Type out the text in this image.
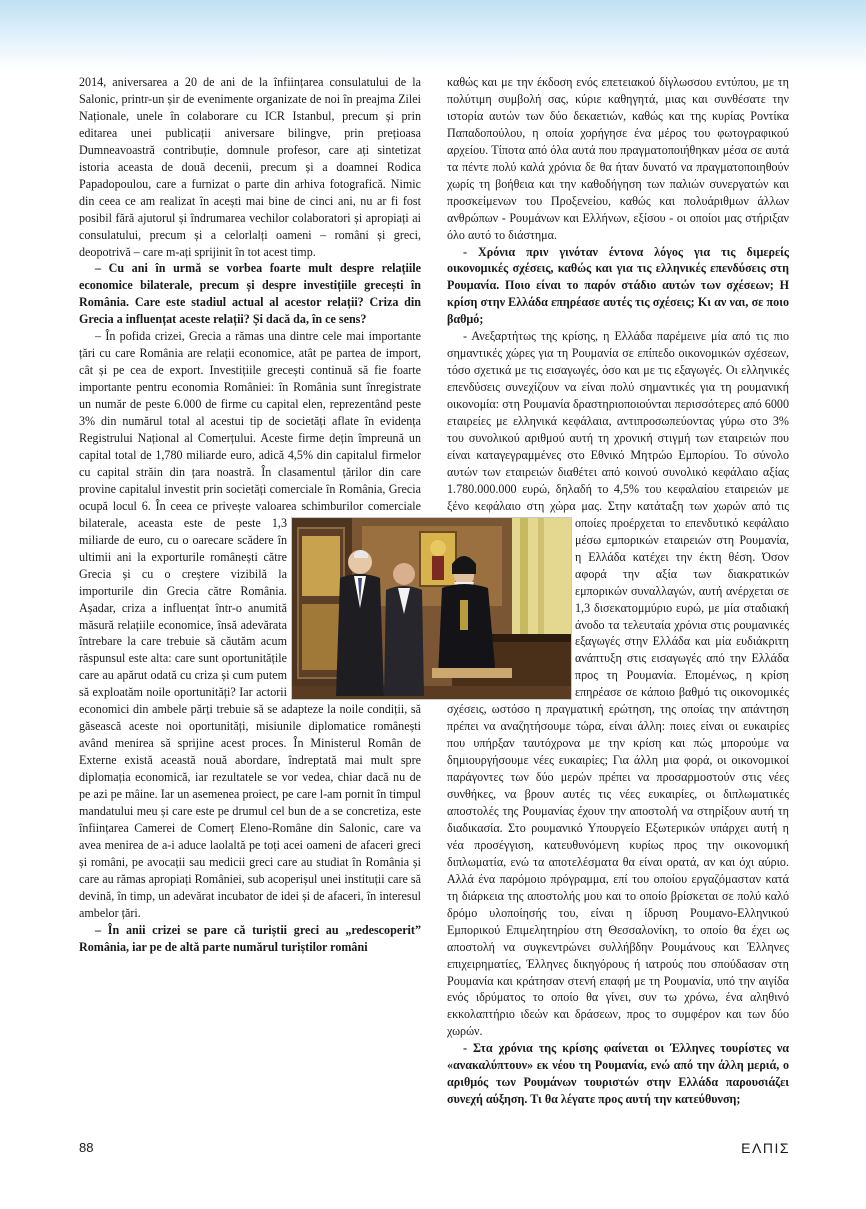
2014, aniversarea a 20 de ani de la înființarea consulatului de la Salonic, printr-un șir de evenimente organizate de noi în preajma Zilei Naționale, unele în colaborare cu ICR Istanbul, precum și prin editarea unei publicații aniversare bilingve, prin prețioasa Dumneavoastră contribuție, domnule profesor, care ați sintetizat istoria aceasta de două decenii, precum și a doamnei Rodica Papadopoulou, care a furnizat o parte din arhiva fotografică. Nimic din ceea ce am realizat în acești mai bine de cinci ani, nu ar fi fost posibil fără ajutorul și îndrumarea vechilor colaboratori și apropiați ai consulatului, precum și a celorlalți oameni – români și greci, deopotrivă – care m-ați sprijinit în tot acest timp.

– Cu ani în urmă se vorbea foarte mult despre relațiile economice bilaterale, precum și despre investițiile grecești în România. Care este stadiul actual al acestor relații? Criza din Grecia a influențat aceste relații? Și dacă da, în ce sens?

– În pofida crizei, Grecia a rămas una dintre cele mai importante țări cu care România are relații economice, atât pe partea de import, cât și pe cea de export. Investițiile grecești continuă să fie foarte importante pentru economia României: în România sunt înregistrate un număr de peste 6.000 de firme cu capital elen, reprezentând peste 3% din numărul total al acestui tip de societăți aflate în evidența Registrului Național al Comerțului. Aceste firme dețin împreună un capital total de 1,780 miliarde euro, adică 4,5% din capitalul firmelor cu capital străin din țara noastră. În clasamentul țărilor din care provine capitalul investit prin societăți comerciale în România, Grecia ocupă locul 6. În ceea ce privește valoarea schimburilor comerciale
bilaterale, aceasta este de peste 1,3 miliarde de euro, cu o oarecare scădere în ultimii ani la exporturile românești către Grecia și cu o creștere vizibilă la importurile din Grecia către România. Așadar, criza a influențat într-o anumită măsură relațiile economice, însă adevărata întrebare la care trebuie să căutăm acum răspunsul este alta: care sunt oportunitățile care au apărut odată cu criza și cum putem să exploatăm noile oportunități? Iar actorii economici din ambele părți trebuie să se adapteze la noile condiții, să găsească aceste noi oportunități, misiunile diplomatice românești având menirea să sprijine acest proces. În Ministerul Român de Externe există această nouă abordare, îndreptată mai mult spre diplomația economică, iar rezultatele se vor vedea, chiar dacă nu de pe azi pe mâine. Iar un asemenea proiect, pe care l-am pornit în timpul mandatului meu și care este pe drumul cel bun de a se concretiza, este înființarea Camerei de Comerț Eleno-Române din Salonic, care va avea menirea de a-i aduce laolaltă pe toți acei oameni de afaceri greci și români, pe avocații sau medicii greci care au studiat în România și care au rămas apropiați României, sub acoperișul unei instituții care să devină, în timp, un adevărat incubator de idei și de afaceri, în interesul ambelor țări.

– În anii crizei se pare că turiștii greci au „redescoperit” România, iar pe de altă parte numărul turiștilor români

καθώς και με την έκδοση ενός επετειακού δίγλωσσου εντύπου, με τη πολύτιμη συμβολή σας, κύριε καθηγητά, μιας και συνθέσατε την ιστορία αυτών των δύο δεκαετιών, καθώς και της κυρίας Ροντίκα Παπαδοπούλου, η οποία χορήγησε ένα μέρος του φωτογραφικού αρχείου. Τίποτα από όλα αυτά που πραγματοποιήθηκαν μέσα σε αυτά τα πέντε πολύ καλά χρόνια δε θα ήταν δυνατό να πραγματοποιηθούν χωρίς τη βοήθεια και την καθοδήγηση των παλιών συνεργατών και προσκείμενων του Προξενείου, καθώς και πολυάριθμων άλλων ανθρώπων - Ρουμάνων και Ελλήνων, εξίσου - οι οποίοι μας στήριξαν όλο αυτό το διάστημα.

- Χρόνια πριν γινόταν έντονα λόγος για τις διμερείς οικονομικές σχέσεις, καθώς και για τις ελληνικές επενδύσεις στη Ρουμανία. Ποιο είναι το παρόν στάδιο αυτών των σχέσεων; Η κρίση στην Ελλάδα επηρέασε αυτές τις σχέσεις; Κι αν ναι, σε ποιο βαθμό;

- Ανεξαρτήτως της κρίσης, η Ελλάδα παρέμεινε μία από τις πιο σημαντικές χώρες για τη Ρουμανία σε επίπεδο οικονομικών σχέσεων, τόσο σχετικά με τις εισαγωγές, όσο και με τις εξαγωγές. Οι ελληνικές επενδύσεις συνεχίζουν να είναι πολύ σημαντικές για τη ρουμανική οικονομία: στη Ρουμανία δραστηριοποιούνται περισσότερες από 6000 εταιρείες με ελληνικά κεφάλαια, αντιπροσωπεύοντας γύρω στο 3% του συνολικού αριθμού αυτή τη χρονική στιγμή των εταιρειών που είναι καταγεγραμμένες στο Εθνικό Μητρώο Εμπορίου. Το σύνολο αυτών των εταιρειών διαθέτει από κοινού συνολικό κεφάλαιο αξίας 1.780.000.000 ευρώ, δηλαδή το 4,5% του κεφαλαίου εταιρειών με ξένο κεφάλαιο στη χώρα μας. Στην κατάταξη των χωρών από τις
οποίες προέρχεται το επενδυτικό κεφάλαιο μέσω εμπορικών εταιρειών στη Ρουμανία, η Ελλάδα κατέχει την έκτη θέση. Όσον αφορά την αξία των διακρατικών εμπορικών συναλλαγών, αυτή ανέρχεται σε 1,3 δισεκατομμύριο ευρώ, με μία σταδιακή άνοδο τα τελευταία χρόνια στις ρουμανικές εξαγωγές στην Ελλάδα και μία ευδιάκριτη ανάπτυξη στις εισαγωγές από την Ελλάδα προς τη Ρουμανία. Επομένως, η κρίση επηρέασε σε κάποιο βαθμό τις οικονομικές σχέσεις, ωστόσο η πραγματική ερώτηση, της οποίας την απάντηση πρέπει να αναζητήσουμε τώρα, είναι άλλη: ποιες είναι οι ευκαιρίες που υπήρξαν ταυτόχρονα με την κρίση και πώς μπορούμε να δημιουργήσουμε νέες ευκαιρίες; Για άλλη μια φορά, οι οικονομικοί παράγοντες των δύο μερών πρέπει να προσαρμοστούν στις νέες συνθήκες, να βρουν αυτές τις νέες ευκαιρίες, οι διπλωματικές αποστολές της Ρουμανίας έχουν την αποστολή να στηρίξουν αυτή τη διαδικασία. Στο ρουμανικό Υπουργείο Εξωτερικών υπάρχει αυτή η νέα προσέγγιση, κατευθυνόμενη κυρίως προς την οικονομική διπλωματία, ενώ τα αποτελέσματα θα είναι ορατά, αν και όχι αύριο. Αλλά ένα παρόμοιο πρόγραμμα, επί του οποίου εργαζόμασταν κατά τη διάρκεια της αποστολής μου και το οποίο βρίσκεται σε πολύ καλό δρόμο υλοποίησής του, είναι η ίδρυση Ρουμανο-Ελληνικού Εμπορικού Επιμελητηρίου στη Θεσσαλονίκη, το οποίο θα έχει ως αποστολή να συγκεντρώνει συλλήβδην Ρουμάνους και Έλληνες επιχειρηματίες, Έλληνες δικηγόρους ή ιατρούς που σπούδασαν στη Ρουμανία και κράτησαν στενή επαφή με τη Ρουμανία, υπό την αιγίδα ενός ιδρύματος το οποίο θα γίνει, συν τω χρόνω, ένα αληθινό εκκολαπτήριο ιδεών και δράσεων, προς το συμφέρον και των δύο χωρών.

- Στα χρόνια της κρίσης φαίνεται οι Έλληνες τουρίστες να «ανακαλύπτουν» εκ νέου τη Ρουμανία, ενώ από την άλλη μεριά, ο αριθμός των Ρουμάνων τουριστών στην Ελλάδα παρουσιάζει συνεχή αύξηση. Τι θα λέγατε προς αυτή την κατεύθυνση;

88	ΕΛΠΙΣ
